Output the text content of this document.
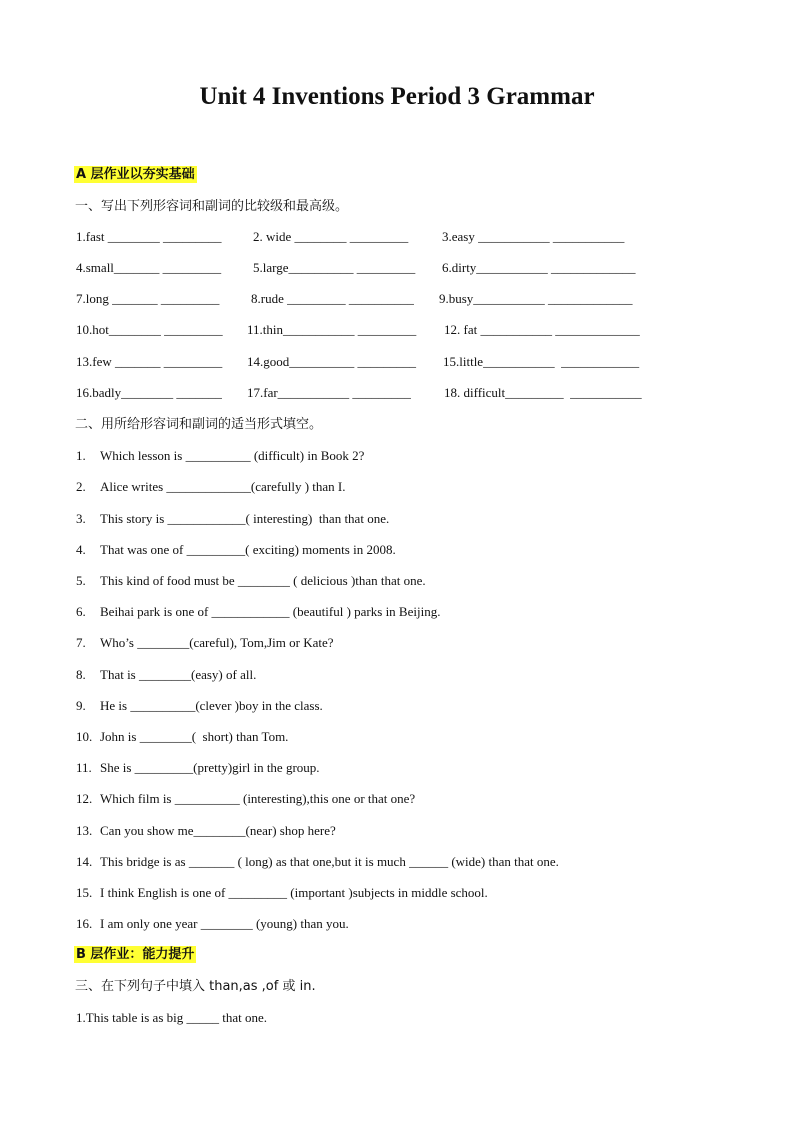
Unit 4 Inventions Period 3 Grammar
A 层作业以夯实基础
一、写出下列形容词和副词的比较级和最高级。
1.fast ________ _________ 2. wide ________ _________	3.easy ___________ ___________
4.small_______ _________ 5.large__________ _________ 6.dirty___________ _____________
7.long _______ _________ 8.rude _________ __________ 9.busy___________ _____________
10.hot________ _________ 11.thin___________ _________ 12. fat ___________ _____________
13.few _______ _________ 14.good__________ _________ 15.little___________  ____________
16.badly________ _______ 17.far___________ _________	18. difficult_________  ___________
二、用所给形容词和副词的适当形式填空。
1. Which lesson is __________ (difficult) in Book 2?
2. Alice writes _____________(carefully ) than I.
3. This story is ____________( interesting)  than that one.
4. That was one of _________( exciting) moments in 2008.
5. This kind of food must be ________ ( delicious )than that one.
6. Beihai park is one of ____________ (beautiful ) parks in Beijing.
7. Who’s ________(careful), Tom,Jim or Kate?
8. That is ________(easy) of all.
9. He is __________(clever )boy in the class.
10. John is ________(  short) than Tom.
11. She is _________(pretty)girl in the group.
12. Which film is __________ (interesting),this one or that one?
13. Can you show me________(near) shop here?
14. This bridge is as _______ ( long) as that one,but it is much ______ (wide) than that one.
15. I think English is one of _________ (important )subjects in middle school.
16. I am only one year ________ (young) than you.
B 层作业：能力提升
三、在下列句子中填入 than,as ,of 或 in.
1.This table is as big _____ that one.
